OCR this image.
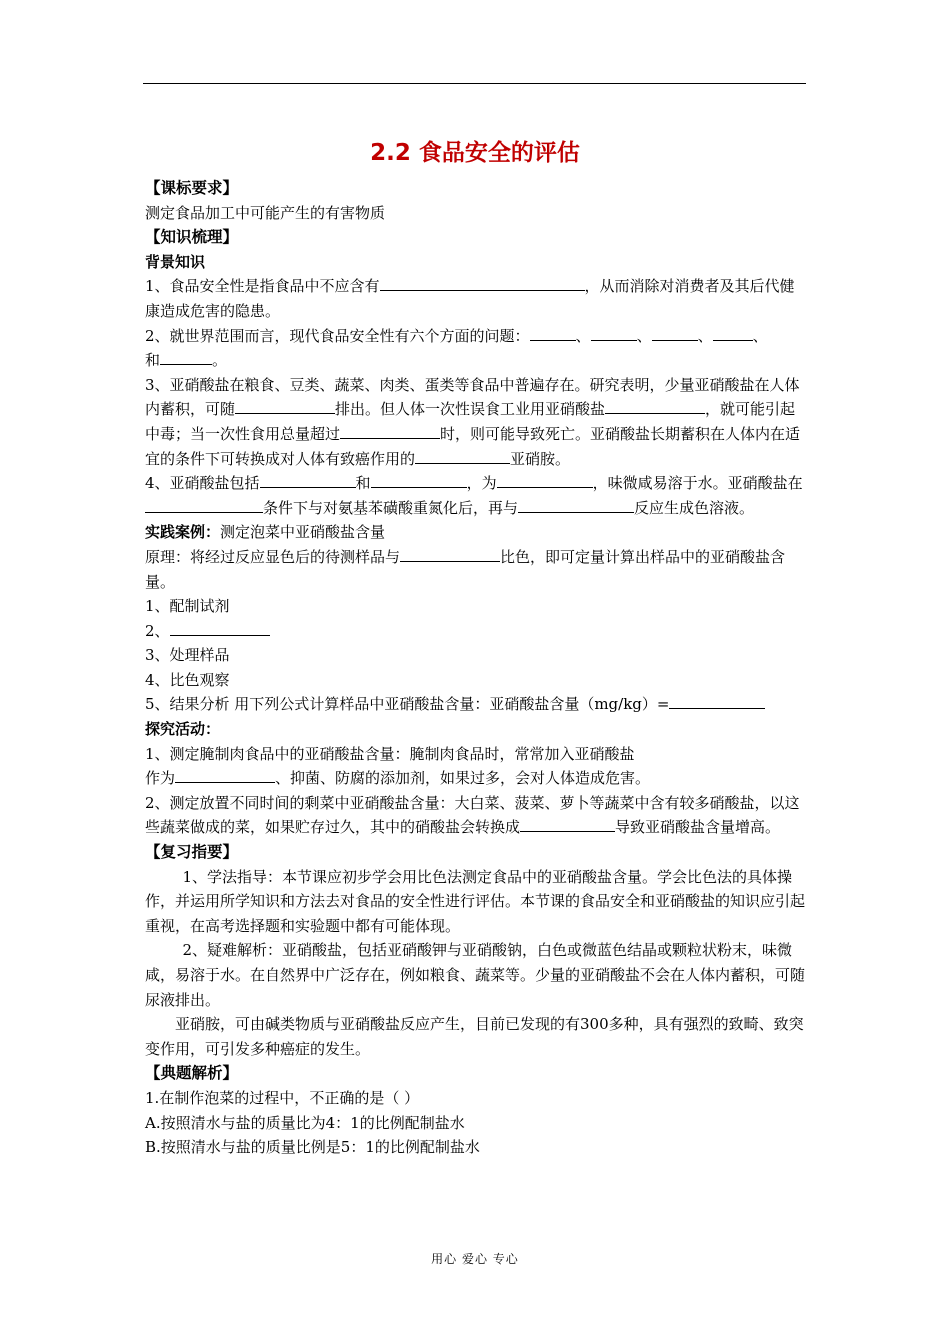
2.2 食品安全的评估

【课标要求】

测定食品加工中可能产生的有害物质

【知识梳理】

背景知识

1、食品安全性是指食品中不应含有	，从而消除对消费者及其后代健康造成危害的隐患。

2、就世界范围而言，现代食品安全性有六个方面的问题：	、	、	、	、
和	。

3、亚硝酸盐在粮食、豆类、蔬菜、肉类、蛋类等食品中普遍存在。研究表明，少量亚硝酸盐在人体内蓄积，可随	排出。但人体一次性误食工业用亚硝酸盐	，就可能引起中毒；当一次性食用总量超过	时，则可能导致死亡。亚硝酸盐长期蓄积在人体内在适宜的条件下可转换成对人体有致癌作用的	亚硝胺。

4、亚硝酸盐包括	和	，为	，味微咸易溶于水。亚硝酸盐在条件下与对氨基苯磺酸重氮化后，再与	反应生成色溶液。

实践案例：测定泡菜中亚硝酸盐含量

原理：将经过反应显色后的待测样品与	比色，即可定量计算出样品中的亚硝酸盐含量。

1、配制试剂

2、

3、处理样品

4、比色观察

5、结果分析 用下列公式计算样品中亚硝酸盐含量：亚硝酸盐含量（mg/kg）=

探究活动：

1、测定腌制肉食品中的亚硝酸盐含量：腌制肉食品时，常常加入亚硝酸盐
作为	、抑菌、防腐的添加剂，如果过多，会对人体造成危害。

2、测定放置不同时间的剩菜中亚硝酸盐含量：大白菜、菠菜、萝卜等蔬菜中含有较多硝酸盐，以这些蔬菜做成的菜，如果贮存过久，其中的硝酸盐会转换成	导致亚硝酸盐含量增高。

【复习指要】

1、学法指导：本节课应初步学会用比色法测定食品中的亚硝酸盐含量。学会比色法的具体操作，并运用所学知识和方法去对食品的安全性进行评估。本节课的食品安全和亚硝酸盐的知识应引起重视，在高考选择题和实验题中都有可能体现。

2、疑难解析：亚硝酸盐，包括亚硝酸钾与亚硝酸钠，白色或微蓝色结晶或颗粒状粉末，味微咸，易溶于水。在自然界中广泛存在，例如粮食、蔬菜等。少量的亚硝酸盐不会在人体内蓄积，可随尿液排出。

亚硝胺，可由碱类物质与亚硝酸盐反应产生，目前已发现的有300多种，具有强烈的致畸、致突变作用，可引发多种癌症的发生。

【典题解析】

1.在制作泡菜的过程中，不正确的是（ ）

A.按照清水与盐的质量比为4：1的比例配制盐水

B.按照清水与盐的质量比例是5：1的比例配制盐水

用心 爱心 专心
